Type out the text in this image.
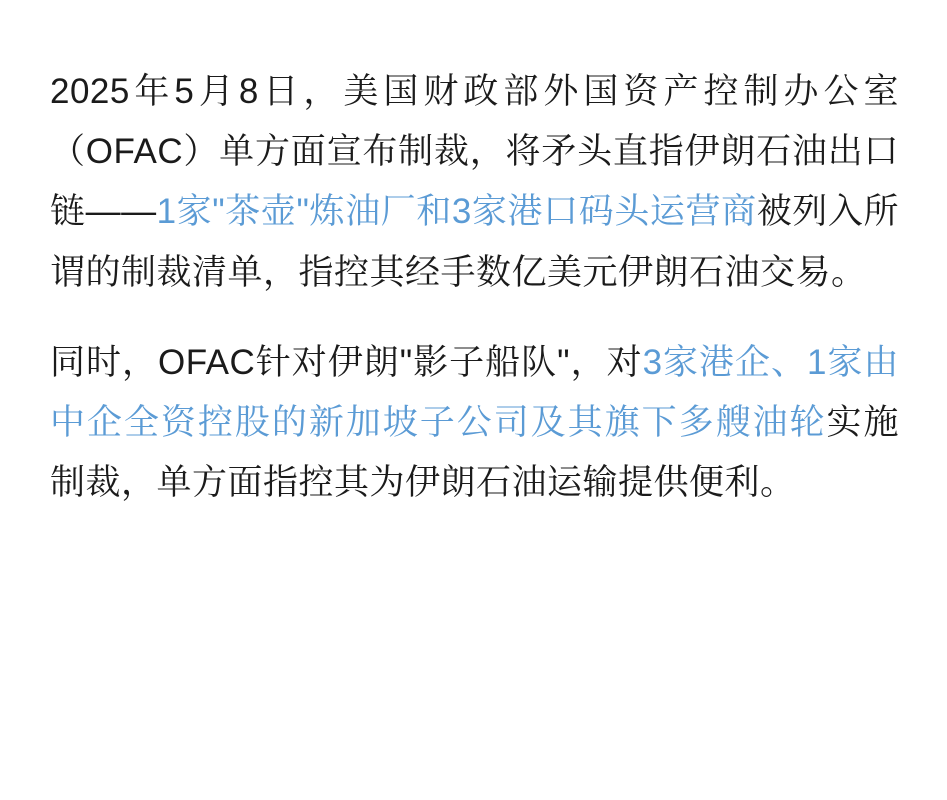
2025年5月8日，美国财政部外国资产控制办公室（OFAC）单方面宣布制裁，将矛头直指伊朗石油出口链——1家"茶壶"炼油厂和3家港口码头运营商被列入所谓的制裁清单，指控其经手数亿美元伊朗石油交易。

同时，OFAC针对伊朗"影子船队"，对3家港企、1家由中企全资控股的新加坡子公司及其旗下多艘油轮实施制裁，单方面指控其为伊朗石油运输提供便利。
